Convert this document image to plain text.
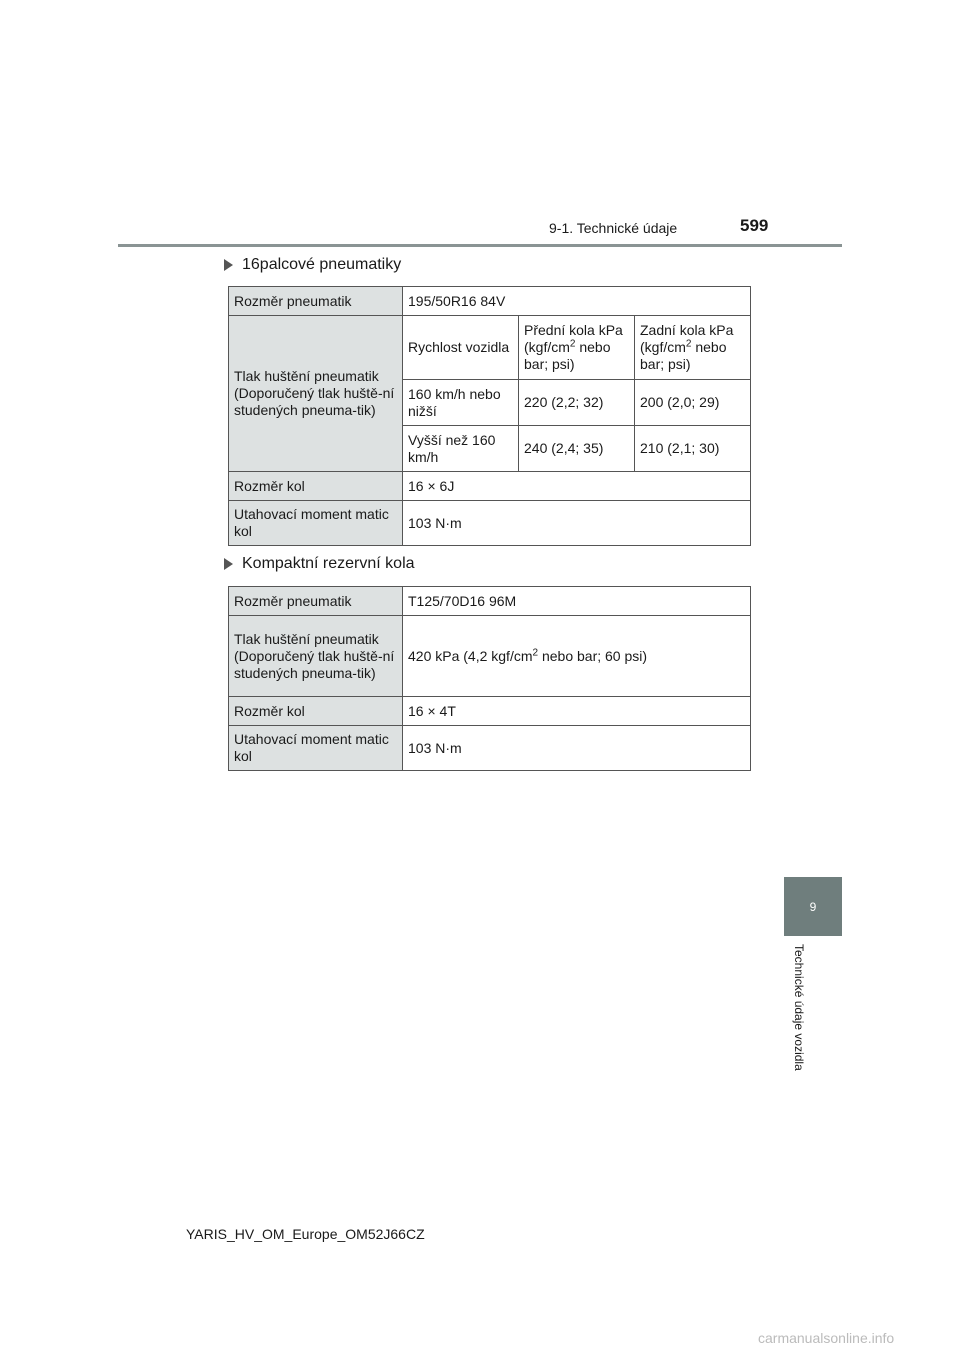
9-1. Technické údaje	599
16palcové pneumatiky
Rozměr pneumatik	195/50R16 84V		
Tlak huštění pneumatik (Doporučený tlak huště-ní studených pneuma-tik)	Rychlost vozidla	Přední kola kPa ($kgf/cm^2$ nebo bar; psi)	Zadní kola kPa ($kgf/cm^2$ nebo bar; psi)
	160 km/h nebo nižší	220 (2,2; 32)	200 (2,0; 29)
	Vyšší než 160 km/h	240 (2,4; 35)	210 (2,1; 30)
Rozměr kol	16 × 6J		
Utahovací moment matic kol	103 N·m		
Kompaktní rezervní kola
Rozměr pneumatik	T125/70D16 96M
Tlak huštění pneumatik (Doporučený tlak huště-ní studených pneuma-tik)	420 kPa (4,2 kgf/$cm^2$ nebo bar; 60 psi)
Rozměr kol	16 × 4T
Utahovací moment matic kol	103 N·m
9
Technické údaje vozidla
YARIS_HV_OM_Europe_OM52J66CZ
carmanualsonline.info
